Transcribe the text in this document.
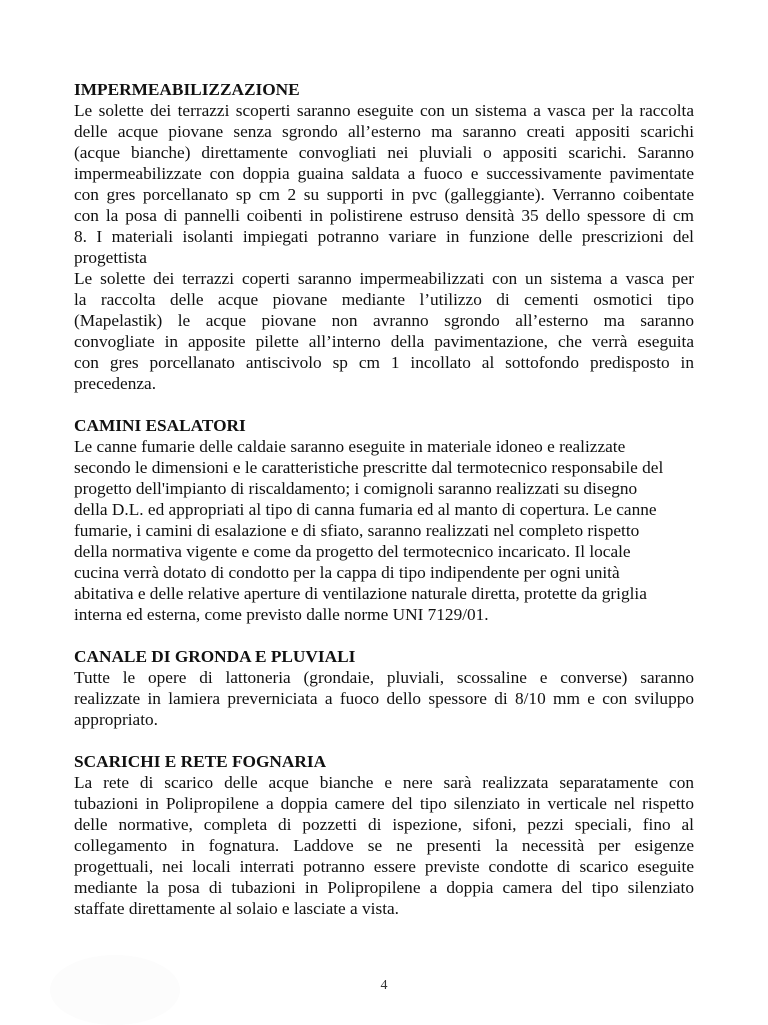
IMPERMEABILIZZAZIONE
Le solette dei terrazzi scoperti saranno eseguite con un sistema a vasca per la raccolta
delle acque piovane senza sgrondo all’esterno ma saranno creati appositi scarichi
(acque bianche) direttamente convogliati nei pluviali o appositi scarichi. Saranno
impermeabilizzate con doppia guaina saldata a fuoco e successivamente pavimentate
con gres porcellanato sp cm 2 su supporti in pvc (galleggiante). Verranno coibentate
con la posa di pannelli coibenti in polistirene estruso densità 35 dello spessore di cm
8. I materiali isolanti impiegati potranno variare in funzione delle prescrizioni del
progettista
Le solette dei terrazzi coperti saranno impermeabilizzati con un sistema a vasca per
la raccolta delle acque piovane mediante l’utilizzo di cementi osmotici tipo
(Mapelastik) le acque piovane non avranno sgrondo all’esterno ma saranno
convogliate in apposite pilette all’interno della pavimentazione, che verrà eseguita
con gres porcellanato antiscivolo sp cm 1 incollato al sottofondo predisposto in
precedenza.
CAMINI ESALATORI
Le canne fumarie delle caldaie saranno eseguite in materiale idoneo e realizzate
secondo le dimensioni e le caratteristiche prescritte dal termotecnico responsabile del
progetto dell'impianto di riscaldamento; i comignoli saranno realizzati su disegno
della D.L. ed appropriati al tipo di canna fumaria ed al manto di copertura. Le canne
fumarie, i camini di esalazione e di sfiato, saranno realizzati nel completo rispetto
della normativa vigente e come da progetto del termotecnico incaricato. Il locale
cucina verrà dotato di condotto per la cappa di tipo indipendente per ogni unità
abitativa e delle relative aperture di ventilazione naturale diretta, protette da griglia
interna ed esterna, come previsto dalle norme UNI 7129/01.
CANALE DI GRONDA E PLUVIALI
Tutte le opere di lattoneria (grondaie, pluviali, scossaline e converse) saranno
realizzate in lamiera preverniciata a fuoco dello spessore di 8/10 mm e con sviluppo
appropriato.
SCARICHI E RETE FOGNARIA
La rete di scarico delle acque bianche e nere sarà realizzata separatamente con
tubazioni in Polipropilene a doppia camere del tipo silenziato in verticale nel rispetto
delle normative, completa di pozzetti di ispezione, sifoni, pezzi speciali, fino al
collegamento in fognatura. Laddove se ne presenti la necessità per esigenze
progettuali, nei locali interrati potranno essere previste condotte di scarico eseguite
mediante la posa di tubazioni in Polipropilene a doppia camera del tipo silenziato
staffate direttamente al solaio e lasciate a vista.
4
